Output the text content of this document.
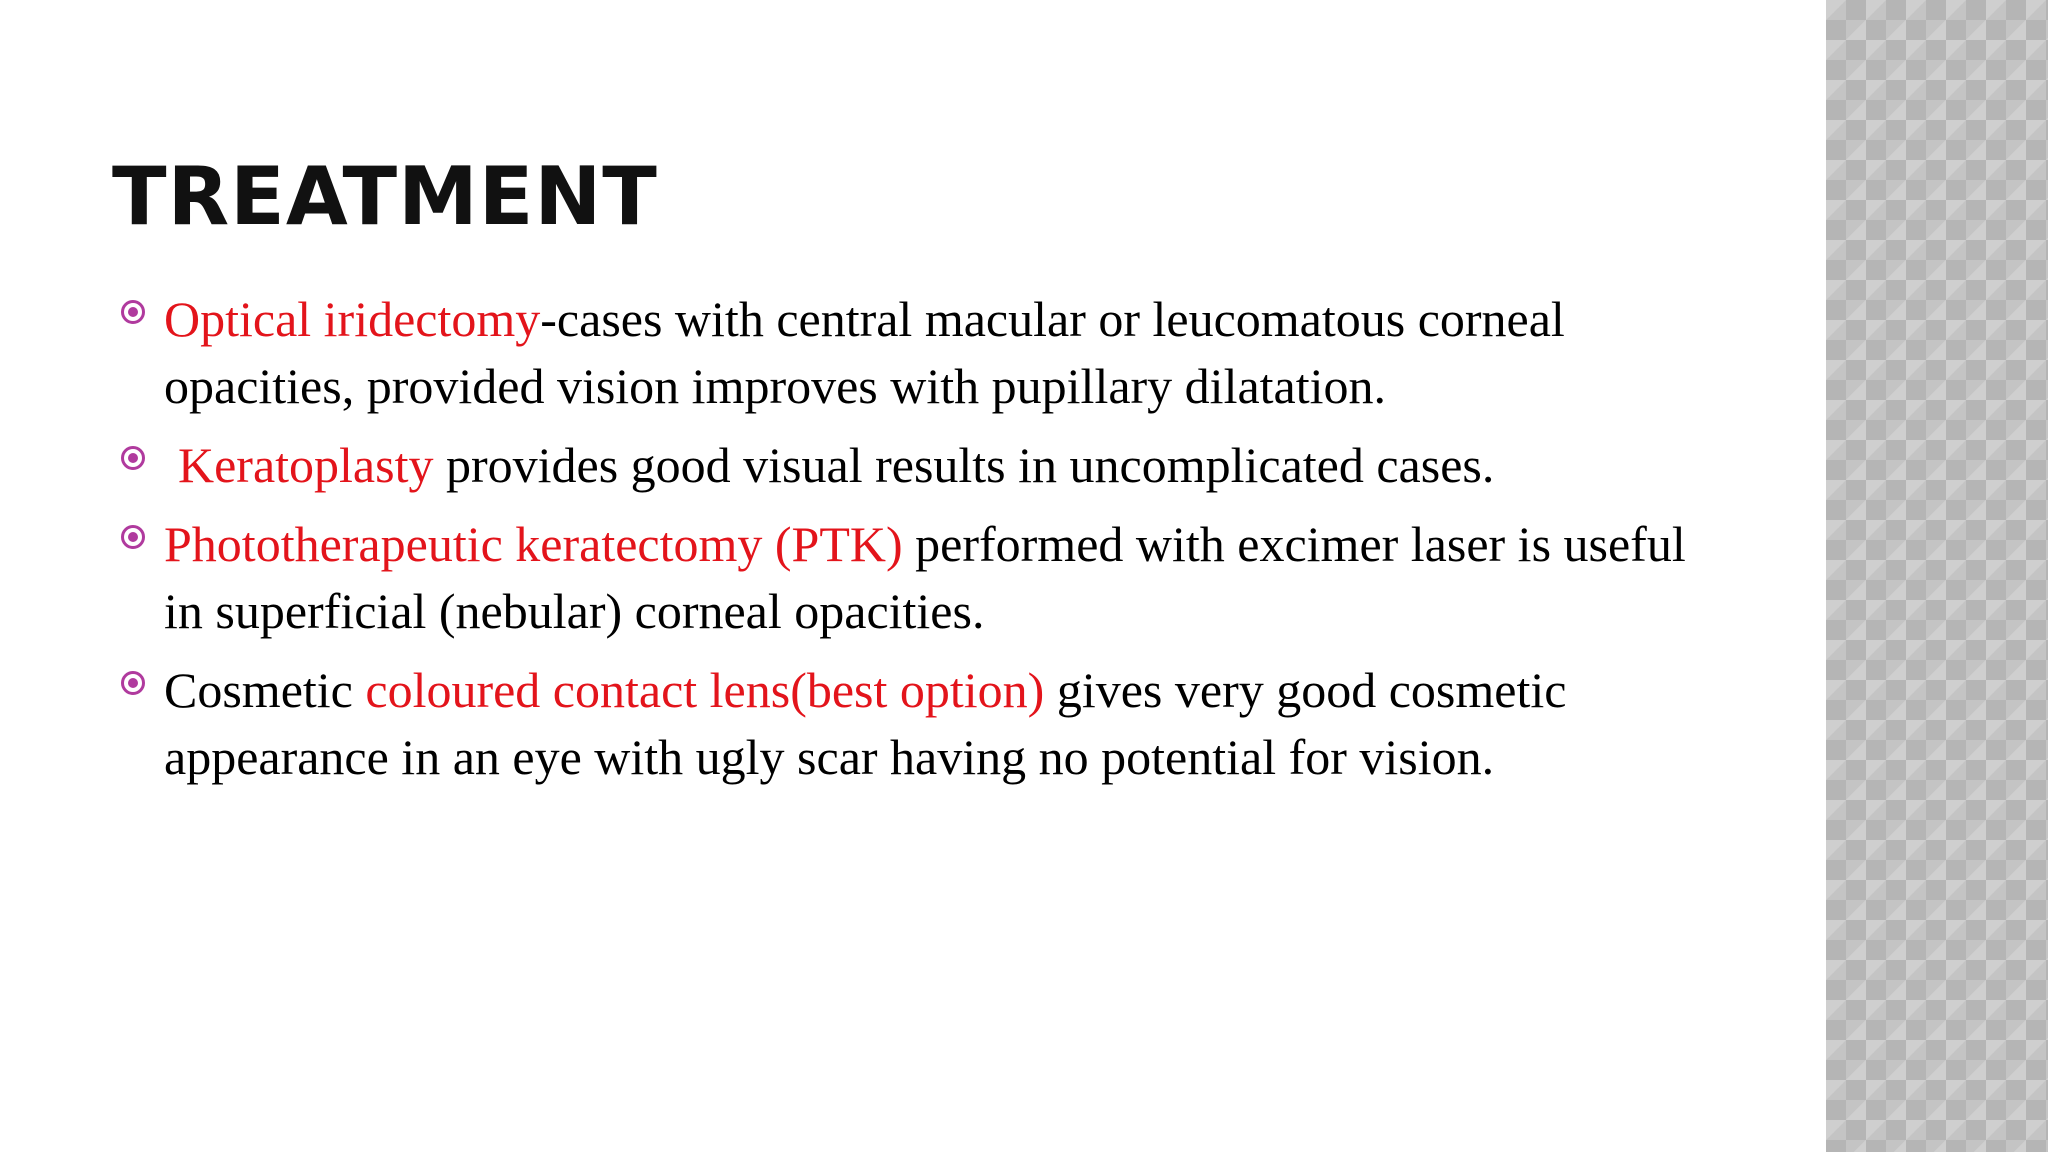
TREATMENT
Optical iridectomy-cases with central macular or leucomatous corneal opacities, provided vision improves with pupillary dilatation.
Keratoplasty provides good visual results in uncomplicated cases.
Phototherapeutic keratectomy (PTK) performed with excimer laser is useful in superficial (nebular) corneal opacities.
Cosmetic coloured contact lens(best option) gives very good cosmetic appearance in an eye with ugly scar having no potential for vision.
